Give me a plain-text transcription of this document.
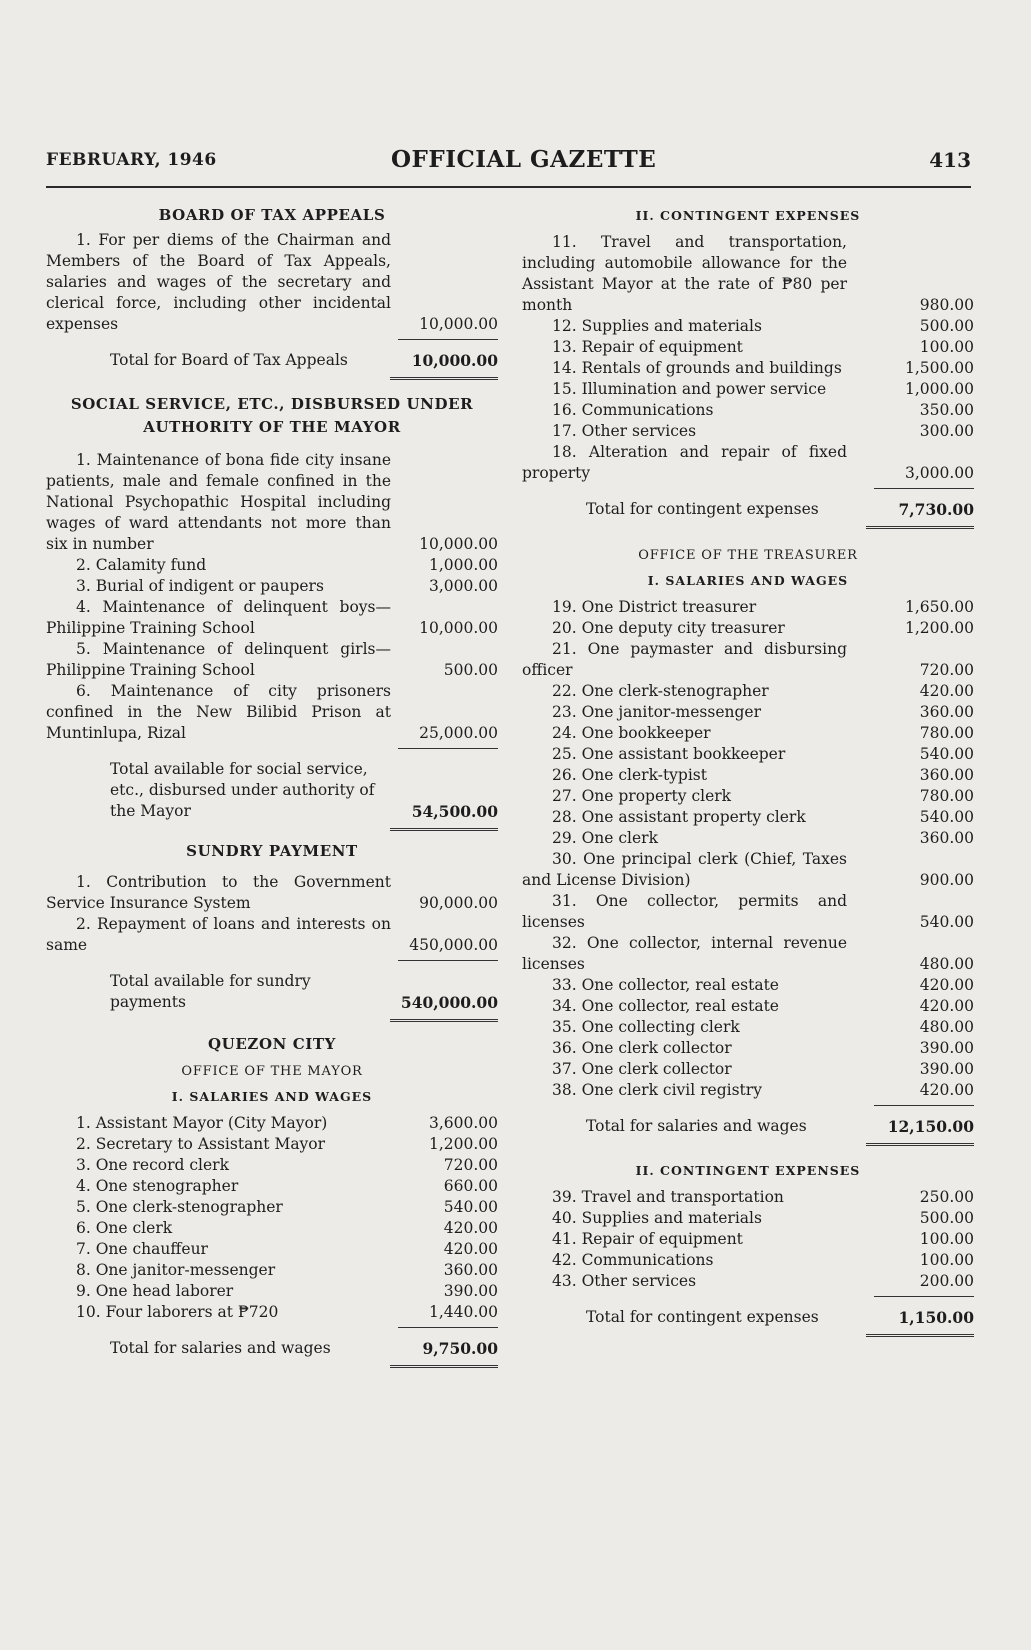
FEBRUARY, 1946	OFFICIAL GAZETTE	413
BOARD OF TAX APPEALS
1. For per diems of the Chairman and Members of the Board of Tax Appeals, salaries and wages of the secretary and clerical force, including other incidental expenses	10,000.00
Total for Board of Tax Appeals	10,000.00
SOCIAL SERVICE, ETC., DISBURSED UNDER
AUTHORITY OF THE MAYOR
1. Maintenance of bona fide city insane patients, male and female confined in the National Psychopathic Hospital including wages of ward attendants not more than six in number	10,000.00
2. Calamity fund	1,000.00
3. Burial of indigent or paupers	3,000.00
4. Maintenance of delinquent boys—Philippine Training School	10,000.00
5. Maintenance of delinquent girls—Philippine Training School	500.00
6. Maintenance of city prisoners confined in the New Bilibid Prison at Muntinlupa, Rizal	25,000.00
Total available for social service, etc., disbursed under authority of the Mayor	54,500.00
SUNDRY PAYMENT
1. Contribution to the Government Service Insurance System	90,000.00
2. Repayment of loans and interests on same	450,000.00
Total available for sundry payments	540,000.00
QUEZON CITY
OFFICE OF THE MAYOR
I. SALARIES AND WAGES
1. Assistant Mayor (City Mayor)	3,600.00
2. Secretary to Assistant Mayor	1,200.00
3. One record clerk	720.00
4. One stenographer	660.00
5. One clerk-stenographer	540.00
6. One clerk	420.00
7. One chauffeur	420.00
8. One janitor-messenger	360.00
9. One head laborer	390.00
10. Four laborers at ₱720	1,440.00
Total for salaries and wages	9,750.00
II. CONTINGENT EXPENSES
11. Travel and transportation, including automobile allowance for the Assistant Mayor at the rate of ₱80 per month	980.00
12. Supplies and materials	500.00
13. Repair of equipment	100.00
14. Rentals of grounds and buildings	1,500.00
15. Illumination and power service	1,000.00
16. Communications	350.00
17. Other services	300.00
18. Alteration and repair of fixed property	3,000.00
Total for contingent expenses	7,730.00
OFFICE OF THE TREASURER
I. SALARIES AND WAGES
19. One District treasurer	1,650.00
20. One deputy city treasurer	1,200.00
21. One paymaster and disbursing officer	720.00
22. One clerk-stenographer	420.00
23. One janitor-messenger	360.00
24. One bookkeeper	780.00
25. One assistant bookkeeper	540.00
26. One clerk-typist	360.00
27. One property clerk	780.00
28. One assistant property clerk	540.00
29. One clerk	360.00
30. One principal clerk (Chief, Taxes and License Division)	900.00
31. One collector, permits and licenses	540.00
32. One collector, internal revenue licenses	480.00
33. One collector, real estate	420.00
34. One collector, real estate	420.00
35. One collecting clerk	480.00
36. One clerk collector	390.00
37. One clerk collector	390.00
38. One clerk civil registry	420.00
Total for salaries and wages	12,150.00
II. CONTINGENT EXPENSES
39. Travel and transportation	250.00
40. Supplies and materials	500.00
41. Repair of equipment	100.00
42. Communications	100.00
43. Other services	200.00
Total for contingent expenses	1,150.00
